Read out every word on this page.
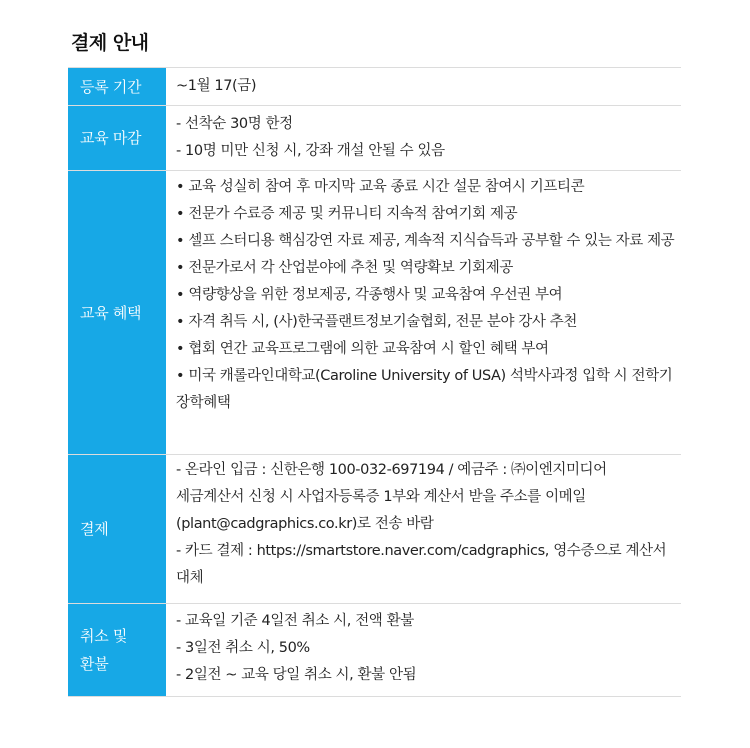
결제 안내
등록 기간 ~1월 17(금)
교육 마감
- 선착순 30명 한정
- 10명 미만 신청 시, 강좌 개설 안될 수 있음
교육 혜택
• 교육 성실히 참여 후 마지막 교육 종료 시간 설문 참여시 기프티콘
• 전문가 수료증 제공 및 커뮤니티 지속적 참여기회 제공
• 셀프 스터디용 핵심강연 자료 제공, 계속적 지식습득과 공부할 수 있는 자료 제공
• 전문가로서 각 산업분야에 추천 및 역량확보 기회제공
• 역량향상을 위한 정보제공, 각종행사 및 교육참여 우선권 부여
• 자격 취득 시, (사)한국플랜트정보기술협회, 전문 분야 강사 추천
• 협회 연간 교육프로그램에 의한 교육참여 시 할인 혜택 부여
• 미국 캐롤라인대학교(Caroline University of USA) 석박사과정 입학 시 전학기 장학혜택
결제
- 온라인 입금 : 신한은행 100-032-697194 / 예금주 : ㈜이엔지미디어 세금계산서 신청 시 사업자등록증 1부와 계산서 받을 주소를 이메일(plant@cadgraphics.co.kr)로 전송 바람
- 카드 결제 : https://smartstore.naver.com/cadgraphics, 영수증으로 계산서 대체
취소 및
환불
- 교육일 기준 4일전 취소 시, 전액 환불
- 3일전 취소 시, 50%
- 2일전 ~ 교육 당일 취소 시, 환불 안됨
